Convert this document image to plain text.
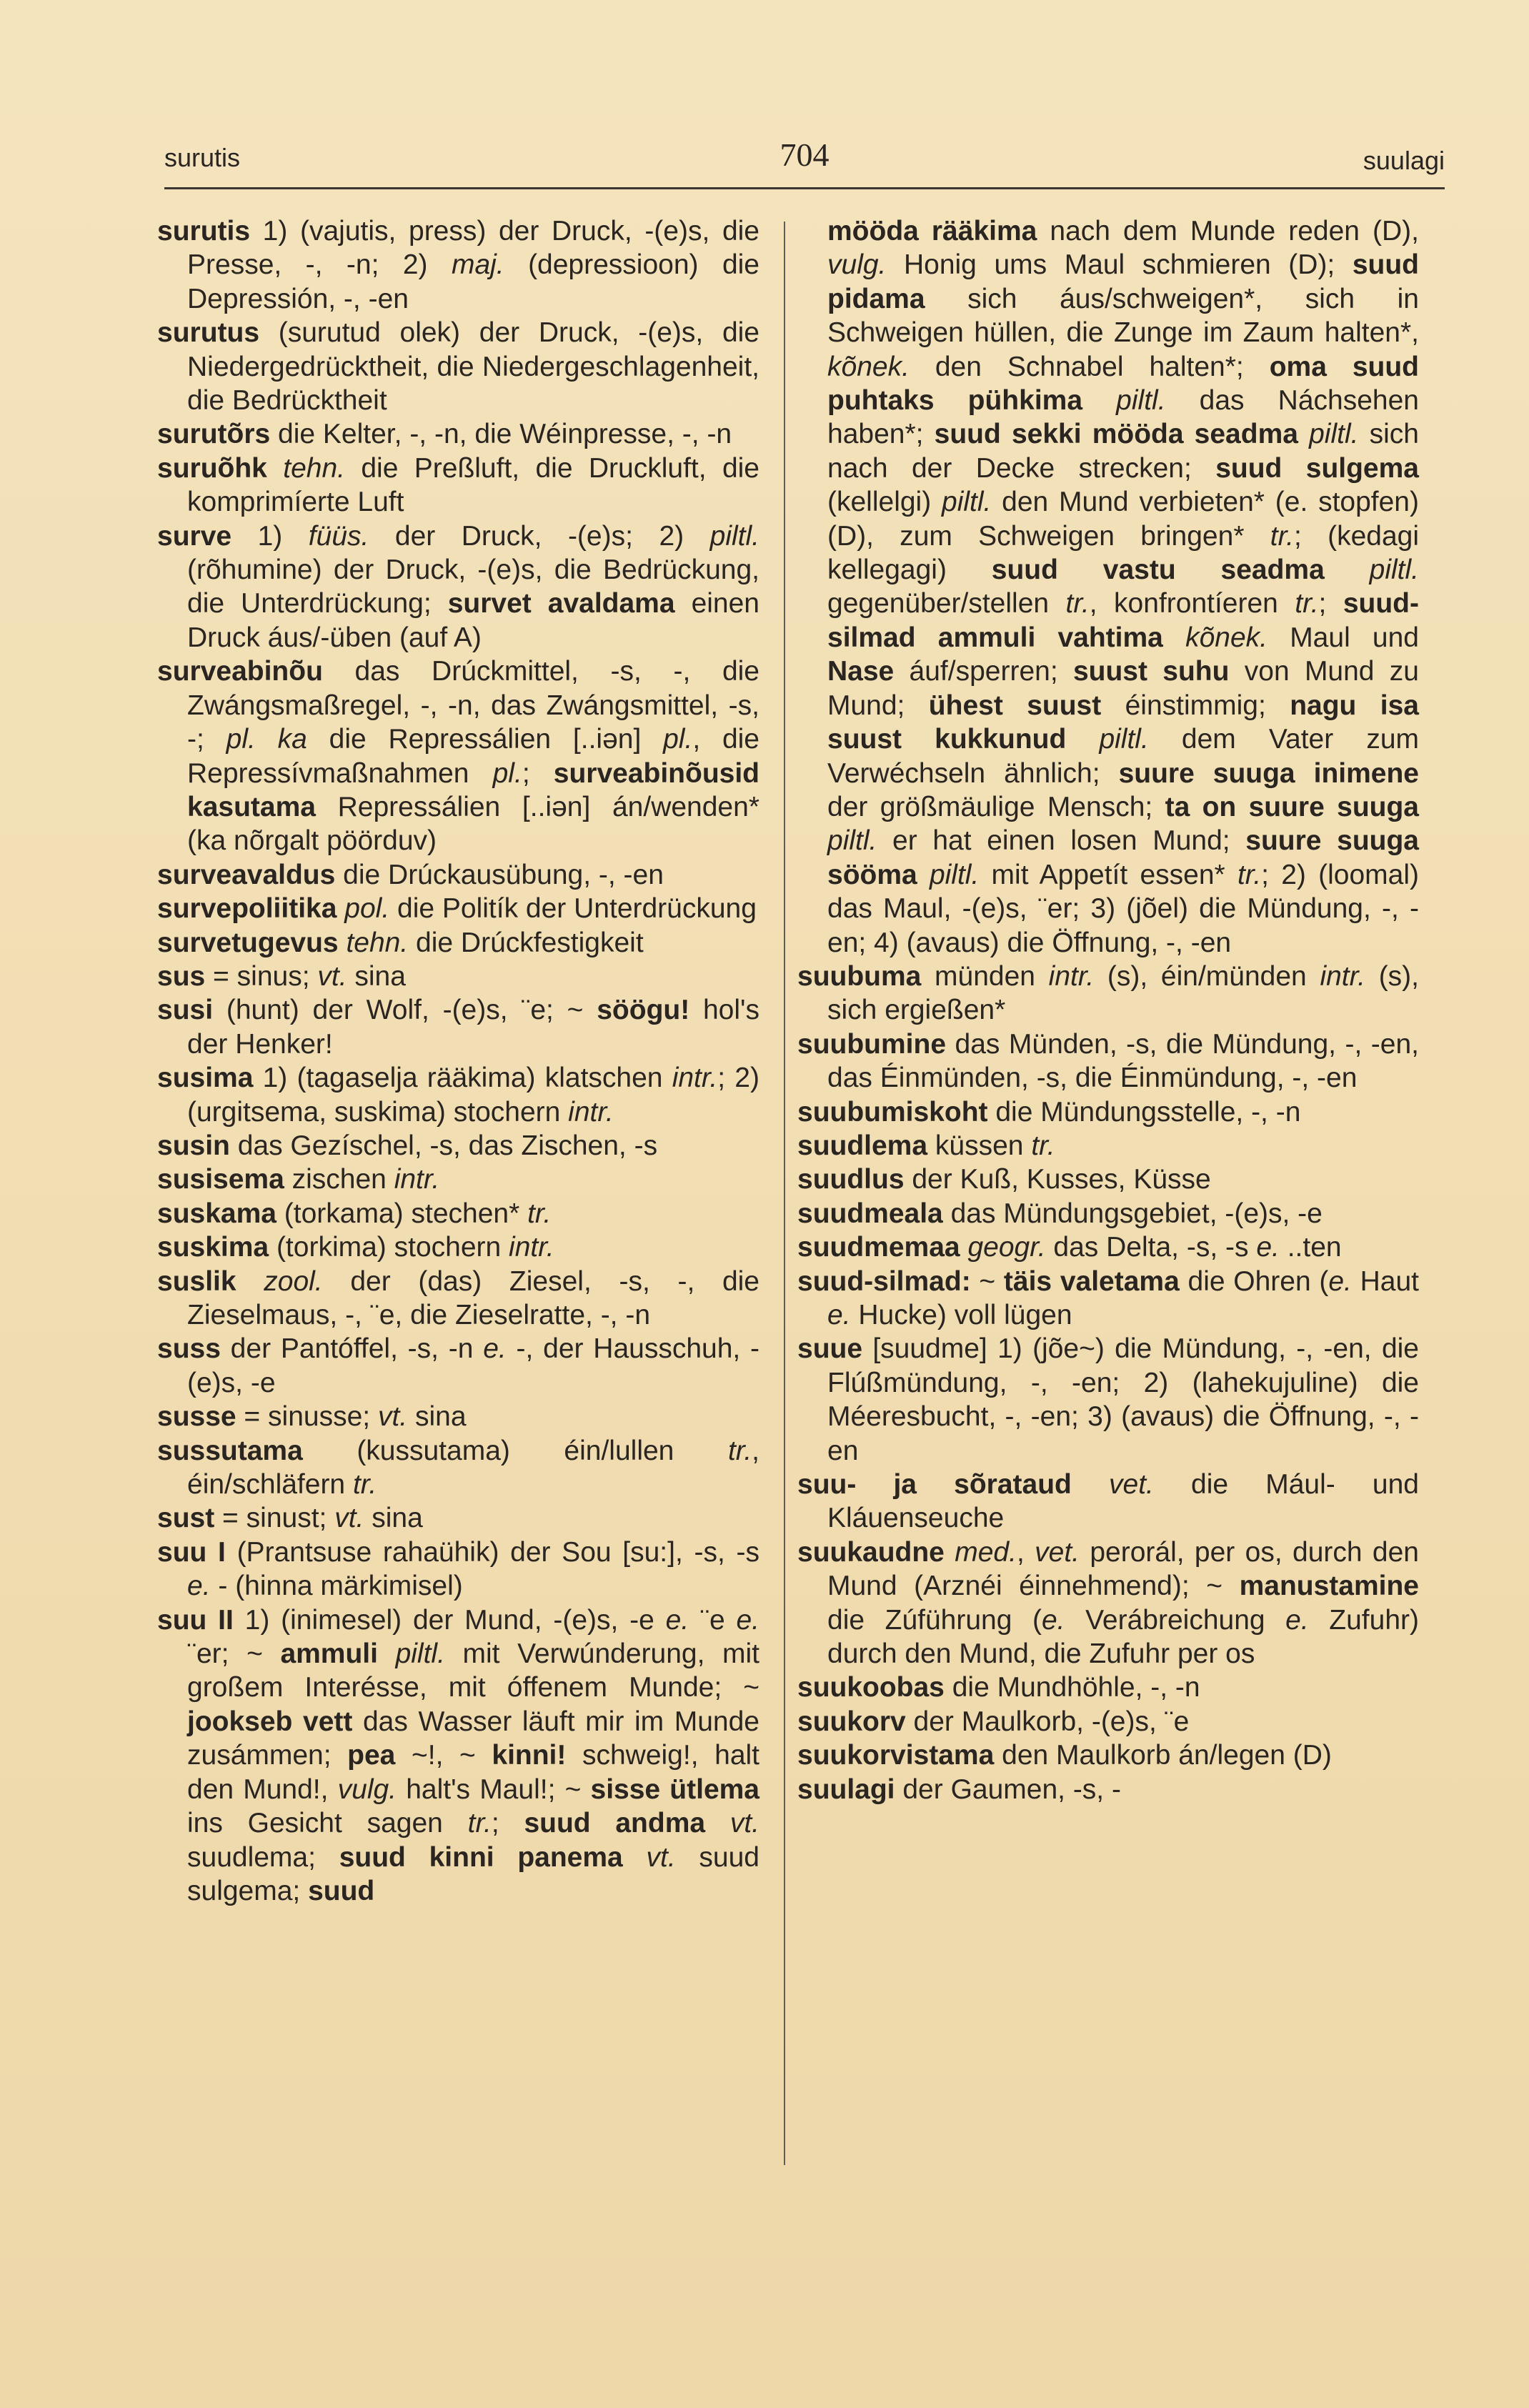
surutis	704	suulagi

surutis 1) (vajutis, press) der Druck, -(e)s, die Presse, -, -n; 2) maj. (depressioon) die Depressión, -, -en

surutus (surutud olek) der Druck, -(e)s, die Niedergedrücktheit, die Niedergeschlagenheit, die Bedrücktheit

surutõrs die Kelter, -, -n, die Wéinpresse, -, -n

suruõhk tehn. die Preßluft, die Druckluft, die komprimíerte Luft

surve 1) füüs. der Druck, -(e)s; 2) piltl. (rõhumine) der Druck, -(e)s, die Bedrückung, die Unterdrückung; survet avaldama einen Druck áus/-üben (auf A)

surveabinõu das Drúckmittel, -s, -, die Zwángsmaßregel, -, -n, das Zwángsmittel, -s, -; pl. ka die Repressálien [..iən] pl., die Repressívmaßnahmen pl.; surveabinõusid kasutama Repressálien [..iən] án/wenden* (ka nõrgalt pöörduv)

surveavaldus die Drúckausübung, -, -en

survepoliitika pol. die Politík der Unterdrückung

survetugevus tehn. die Drúckfestigkeit

sus = sinus; vt. sina

susi (hunt) der Wolf, -(e)s, ¨e; ~ söögu! hol's der Henker!

susima 1) (tagaselja rääkima) klatschen intr.; 2) (urgitsema, suskima) stochern intr.

susin das Gezíschel, -s, das Zischen, -s

susisema zischen intr.

suskama (torkama) stechen* tr.

suskima (torkima) stochern intr.

suslik zool. der (das) Ziesel, -s, -, die Zieselmaus, -, ¨e, die Zieselratte, -, -n

suss der Pantóffel, -s, -n e. -, der Hausschuh, -(e)s, -e

susse = sinusse; vt. sina

sussutama (kussutama) éin/lullen tr., éin/schläfern tr.

sust = sinust; vt. sina

suu I (Prantsuse rahaühik) der Sou [su:], -s, -s e. - (hinna märkimisel)

suu II 1) (inimesel) der Mund, -(e)s, -e e. ¨e e. ¨er; ~ ammuli piltl. mit Verwúnderung, mit großem Interésse, mit óffenem Munde; ~ jookseb vett das Wasser läuft mir im Munde zusámmen; pea ~!, ~ kinni! schweig!, halt den Mund!, vulg. halt's Maul!; ~ sisse ütlema ins Gesicht sagen tr.; suud andma vt. suudlema; suud kinni panema vt. suud sulgema; suud

mööda rääkima nach dem Munde reden (D), vulg. Honig ums Maul schmieren (D); suud pidama sich áus/schweigen*, sich in Schweigen hüllen, die Zunge im Zaum halten*, kõnek. den Schnabel halten*; oma suud puhtaks pühkima piltl. das Náchsehen haben*; suud sekki mööda seadma piltl. sich nach der Decke strecken; suud sulgema (kellelgi) piltl. den Mund verbieten* (e. stopfen) (D), zum Schweigen bringen* tr.; (kedagi kellegagi) suud vastu seadma piltl. gegenüber/stellen tr., konfrontíeren tr.; suud-silmad ammuli vahtima kõnek. Maul und Nase áuf/sperren; suust suhu von Mund zu Mund; ühest suust éinstimmig; nagu isa suust kukkunud piltl. dem Vater zum Verwéchseln ähnlich; suure suuga inimene der größmäulige Mensch; ta on suure suuga piltl. er hat einen losen Mund; suure suuga sööma piltl. mit Appetít essen* tr.; 2) (loomal) das Maul, -(e)s, ¨er; 3) (jõel) die Mündung, -, -en; 4) (avaus) die Öffnung, -, -en

suubuma münden intr. (s), éin/münden intr. (s), sich ergießen*

suubumine das Münden, -s, die Mündung, -, -en, das Éinmünden, -s, die Éinmündung, -, -en

suubumiskoht die Mündungsstelle, -, -n

suudlema küssen tr.

suudlus der Kuß, Kusses, Küsse

suudmeala das Mündungsgebiet, -(e)s, -e

suudmemaa geogr. das Delta, -s, -s e. ..ten

suud-silmad: ~ täis valetama die Ohren (e. Haut e. Hucke) voll lügen

suue [suudme] 1) (jõe~) die Mündung, -, -en, die Flúßmündung, -, -en; 2) (lahekujuline) die Méeresbucht, -, -en; 3) (avaus) die Öffnung, -, -en

suu- ja sõrataud vet. die Mául- und Kláuenseuche

suukaudne med., vet. perorál, per os, durch den Mund (Arznéi éinnehmend); ~ manustamine die Zúführung (e. Verábreichung e. Zufuhr) durch den Mund, die Zufuhr per os

suukoobas die Mundhöhle, -, -n

suukorv der Maulkorb, -(e)s, ¨e

suukorvistama den Maulkorb án/legen (D)

suulagi der Gaumen, -s, -
